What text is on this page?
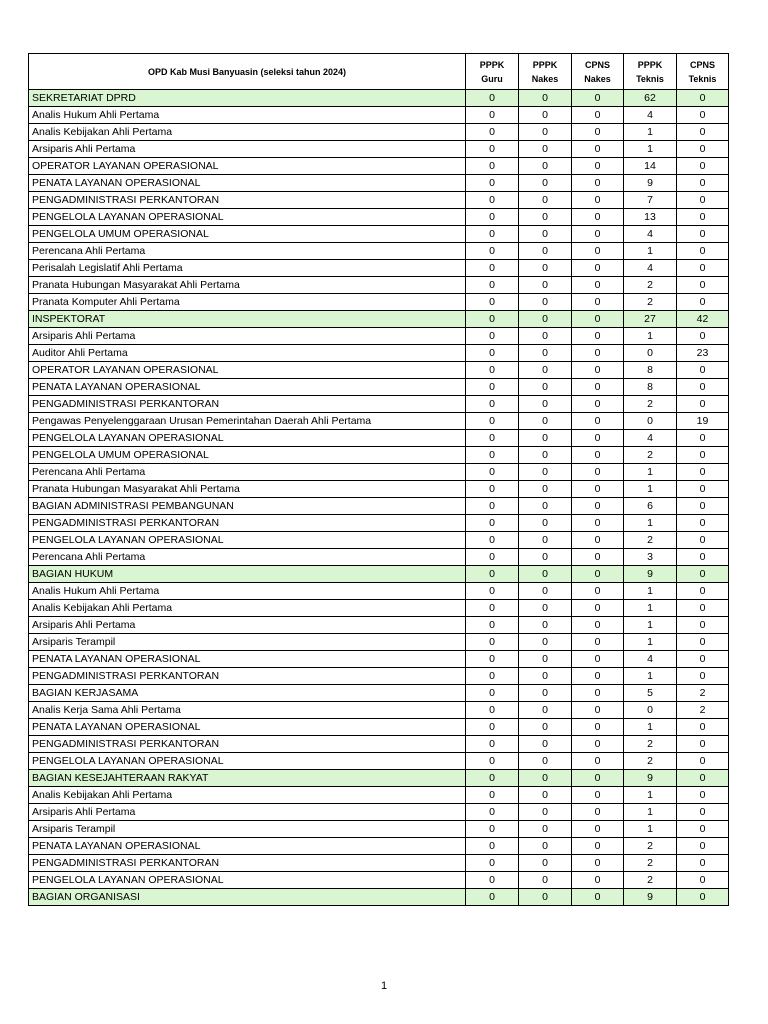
OPD Kab Musi Banyuasin (seleksi tahun 2024)	PPPK Guru	PPPK Nakes	CPNS Nakes	PPPK Teknis	CPNS Teknis
SEKRETARIAT DPRD	0	0	0	62	0
Analis Hukum Ahli Pertama	0	0	0	4	0
Analis Kebijakan Ahli Pertama	0	0	0	1	0
Arsiparis Ahli Pertama	0	0	0	1	0
OPERATOR LAYANAN OPERASIONAL	0	0	0	14	0
PENATA LAYANAN OPERASIONAL	0	0	0	9	0
PENGADMINISTRASI PERKANTORAN	0	0	0	7	0
PENGELOLA LAYANAN OPERASIONAL	0	0	0	13	0
PENGELOLA UMUM OPERASIONAL	0	0	0	4	0
Perencana Ahli Pertama	0	0	0	1	0
Perisalah Legislatif Ahli Pertama	0	0	0	4	0
Pranata Hubungan Masyarakat Ahli Pertama	0	0	0	2	0
Pranata Komputer Ahli Pertama	0	0	0	2	0
INSPEKTORAT	0	0	0	27	42
Arsiparis Ahli Pertama	0	0	0	1	0
Auditor Ahli Pertama	0	0	0	0	23
OPERATOR LAYANAN OPERASIONAL	0	0	0	8	0
PENATA LAYANAN OPERASIONAL	0	0	0	8	0
PENGADMINISTRASI PERKANTORAN	0	0	0	2	0
Pengawas Penyelenggaraan Urusan Pemerintahan Daerah Ahli Pertama	0	0	0	0	19
PENGELOLA LAYANAN OPERASIONAL	0	0	0	4	0
PENGELOLA UMUM OPERASIONAL	0	0	0	2	0
Perencana Ahli Pertama	0	0	0	1	0
Pranata Hubungan Masyarakat Ahli Pertama	0	0	0	1	0
BAGIAN ADMINISTRASI PEMBANGUNAN	0	0	0	6	0
PENGADMINISTRASI PERKANTORAN	0	0	0	1	0
PENGELOLA LAYANAN OPERASIONAL	0	0	0	2	0
Perencana Ahli Pertama	0	0	0	3	0
BAGIAN HUKUM	0	0	0	9	0
Analis Hukum Ahli Pertama	0	0	0	1	0
Analis Kebijakan Ahli Pertama	0	0	0	1	0
Arsiparis Ahli Pertama	0	0	0	1	0
Arsiparis Terampil	0	0	0	1	0
PENATA LAYANAN OPERASIONAL	0	0	0	4	0
PENGADMINISTRASI PERKANTORAN	0	0	0	1	0
BAGIAN KERJASAMA	0	0	0	5	2
Analis Kerja Sama Ahli Pertama	0	0	0	0	2
PENATA LAYANAN OPERASIONAL	0	0	0	1	0
PENGADMINISTRASI PERKANTORAN	0	0	0	2	0
PENGELOLA LAYANAN OPERASIONAL	0	0	0	2	0
BAGIAN KESEJAHTERAAN RAKYAT	0	0	0	9	0
Analis Kebijakan Ahli Pertama	0	0	0	1	0
Arsiparis Ahli Pertama	0	0	0	1	0
Arsiparis Terampil	0	0	0	1	0
PENATA LAYANAN OPERASIONAL	0	0	0	2	0
PENGADMINISTRASI PERKANTORAN	0	0	0	2	0
PENGELOLA LAYANAN OPERASIONAL	0	0	0	2	0
BAGIAN ORGANISASI	0	0	0	9	0
1
